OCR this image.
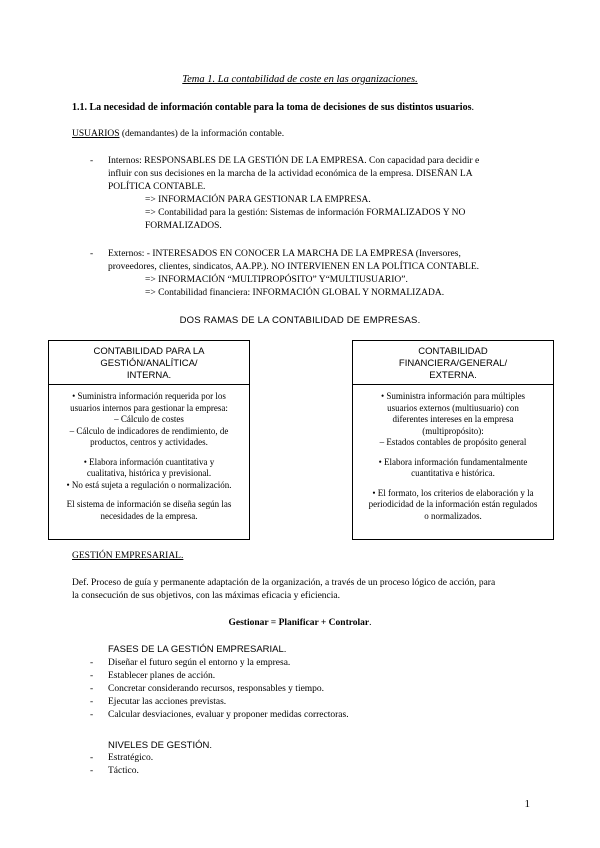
Tema 1. La contabilidad de coste en las organizaciones.
1.1. La necesidad de información contable para la toma de decisiones de sus distintos usuarios.
USUARIOS (demandantes) de la información contable.
- Internos: RESPONSABLES DE LA GESTIÓN DE LA EMPRESA. Con capacidad para decidir e
influir con sus decisiones en la marcha de la actividad económica de la empresa. DISEÑAN LA
POLÍTICA CONTABLE.
=> INFORMACIÓN PARA GESTIONAR LA EMPRESA.
=> Contabilidad para la gestión: Sistemas de información FORMALIZADOS Y NO
FORMALIZADOS.
- Externos: - INTERESADOS EN CONOCER LA MARCHA DE LA EMPRESA (Inversores,
proveedores, clientes, sindicatos, AA.PP.). NO INTERVIENEN EN LA POLÍTICA CONTABLE.
=> INFORMACIÓN “MULTIPROPÓSITO” Y“MULTIUSUARIO”.
=> Contabilidad financiera: INFORMACIÓN GLOBAL Y NORMALIZADA.
DOS RAMAS DE LA CONTABILIDAD DE EMPRESAS.
CONTABILIDAD PARA LA
GESTIÓN/ANALÍTICA/
INTERNA.

• Suministra información requerida por los
usuarios internos para gestionar la empresa:
– Cálculo de costes
– Cálculo de indicadores de rendimiento, de
productos, centros y actividades.

• Elabora información cuantitativa y
cualitativa, histórica y previsional.

• No está sujeta a regulación o normalización.

El sistema de información se diseña según las
necesidades de la empresa.

CONTABILIDAD
FINANCIERA/GENERAL/
EXTERNA.

• Suministra información para múltiples
usuarios externos (multiusuario) con
diferentes intereses en la empresa
(multipropósito):
– Estados contables de propósito general

• Elabora información fundamentalmente
cuantitativa e histórica.

• El formato, los criterios de elaboración y la
periodicidad de la información están regulados
o normalizados.

GESTIÓN EMPRESARIAL.
Def. Proceso de guía y permanente adaptación de la organización, a través de un proceso lógico de acción, para
la consecución de sus objetivos, con las máximas eficacia y eficiencia.
Gestionar = Planificar + Controlar.
FASES DE LA GESTIÓN EMPRESARIAL.
- Diseñar el futuro según el entorno y la empresa.
- Establecer planes de acción.
- Concretar considerando recursos, responsables y tiempo.
- Ejecutar las acciones previstas.
- Calcular desviaciones, evaluar y proponer medidas correctoras.
NIVELES DE GESTIÓN.
- Estratégico.
- Táctico.
1
